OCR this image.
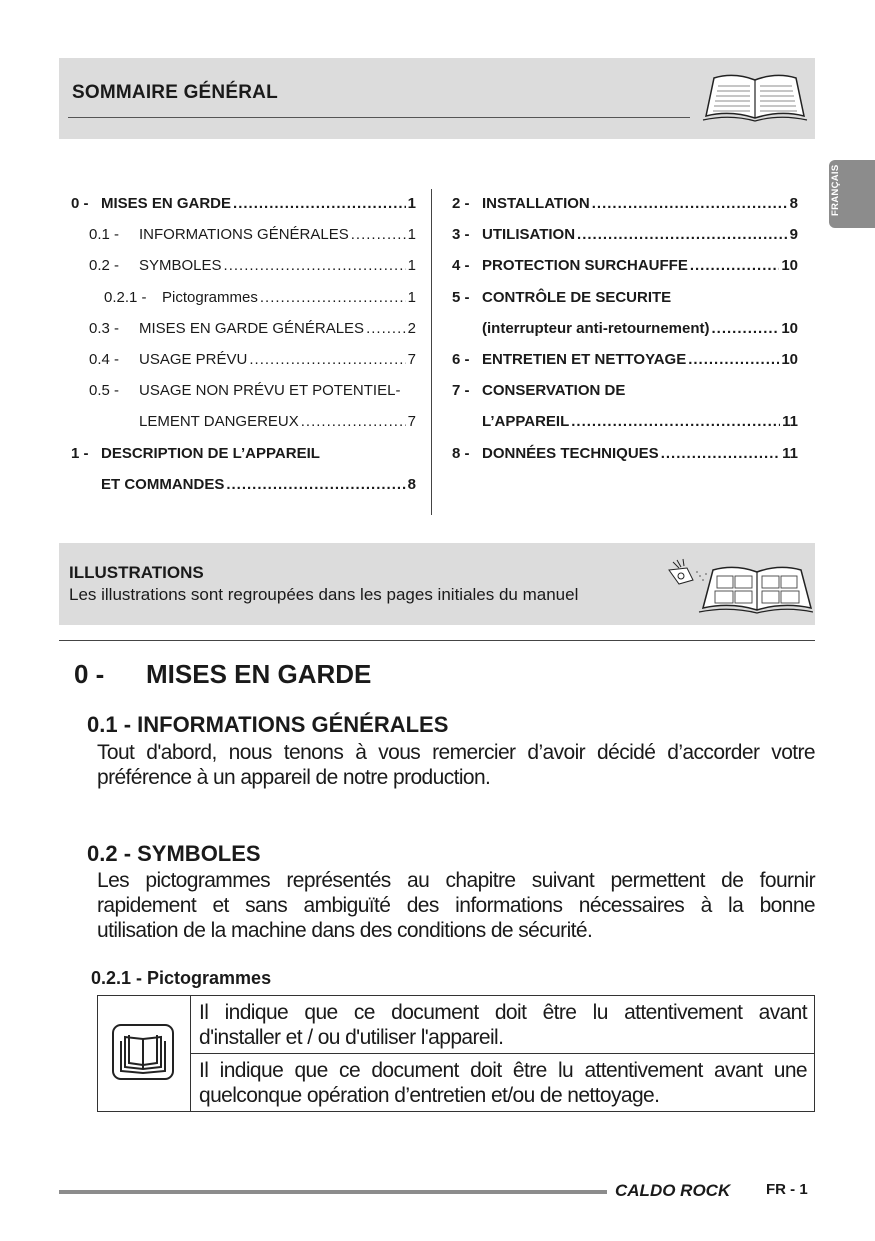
SOMMAIRE GÉNÉRAL
FRANÇAIS
ILLUSTRATIONS
Les illustrations sont regroupées dans les pages initiales du manuel
0 - MISES EN GARDE
0.1 - INFORMATIONS GÉNÉRALES
Tout d'abord, nous tenons à vous remercier d’avoir décidé d’accorder votre
préférence à un appareil de notre production.
0.2 - SYMBOLES
Les pictogrammes représentés au chapitre suivant permettent de fournir
rapidement et sans ambiguïté des informations nécessaires à la bonne
utilisation de la machine dans des conditions de sécurité.
0.2.1 - Pictogrammes
Il indique que ce document doit être lu attentivement avant
d'installer et / ou d'utiliser l'appareil.
Il indique que ce document doit être lu attentivement avant une
quelconque opération d’entretien et/ou de nettoyage.
CALDO ROCK FR - 1
0 - MISES EN GARDE .....	1
0.1 -	INFORMATIONS GÉNÉRALES .....	1
0.2 -	SYMBOLES .....	1
0.2.1 -	Pictogrammes .....	1
0.3 -	MISES EN GARDE GÉNÉRALES .....	2
0.4 -	USAGE PRÉVU .....	7
0.5 -	USAGE NON PRÉVU ET POTENTIEL-
LEMENT DANGEREUX .....	7
1 - DESCRIPTION DE L’APPAREIL
ET COMMANDES .....	8
2 - INSTALLATION .....	8
3 - UTILISATION .....	9
4 - PROTECTION SURCHAUFFE .....	10
5 - CONTRÔLE DE SECURITE
(interrupteur anti-retournement) .....	10
6 - ENTRETIEN ET NETTOYAGE .....	10
7 - CONSERVATION DE
L’APPAREIL .....	11
8 - DONNÉES TECHNIQUES .....	11
